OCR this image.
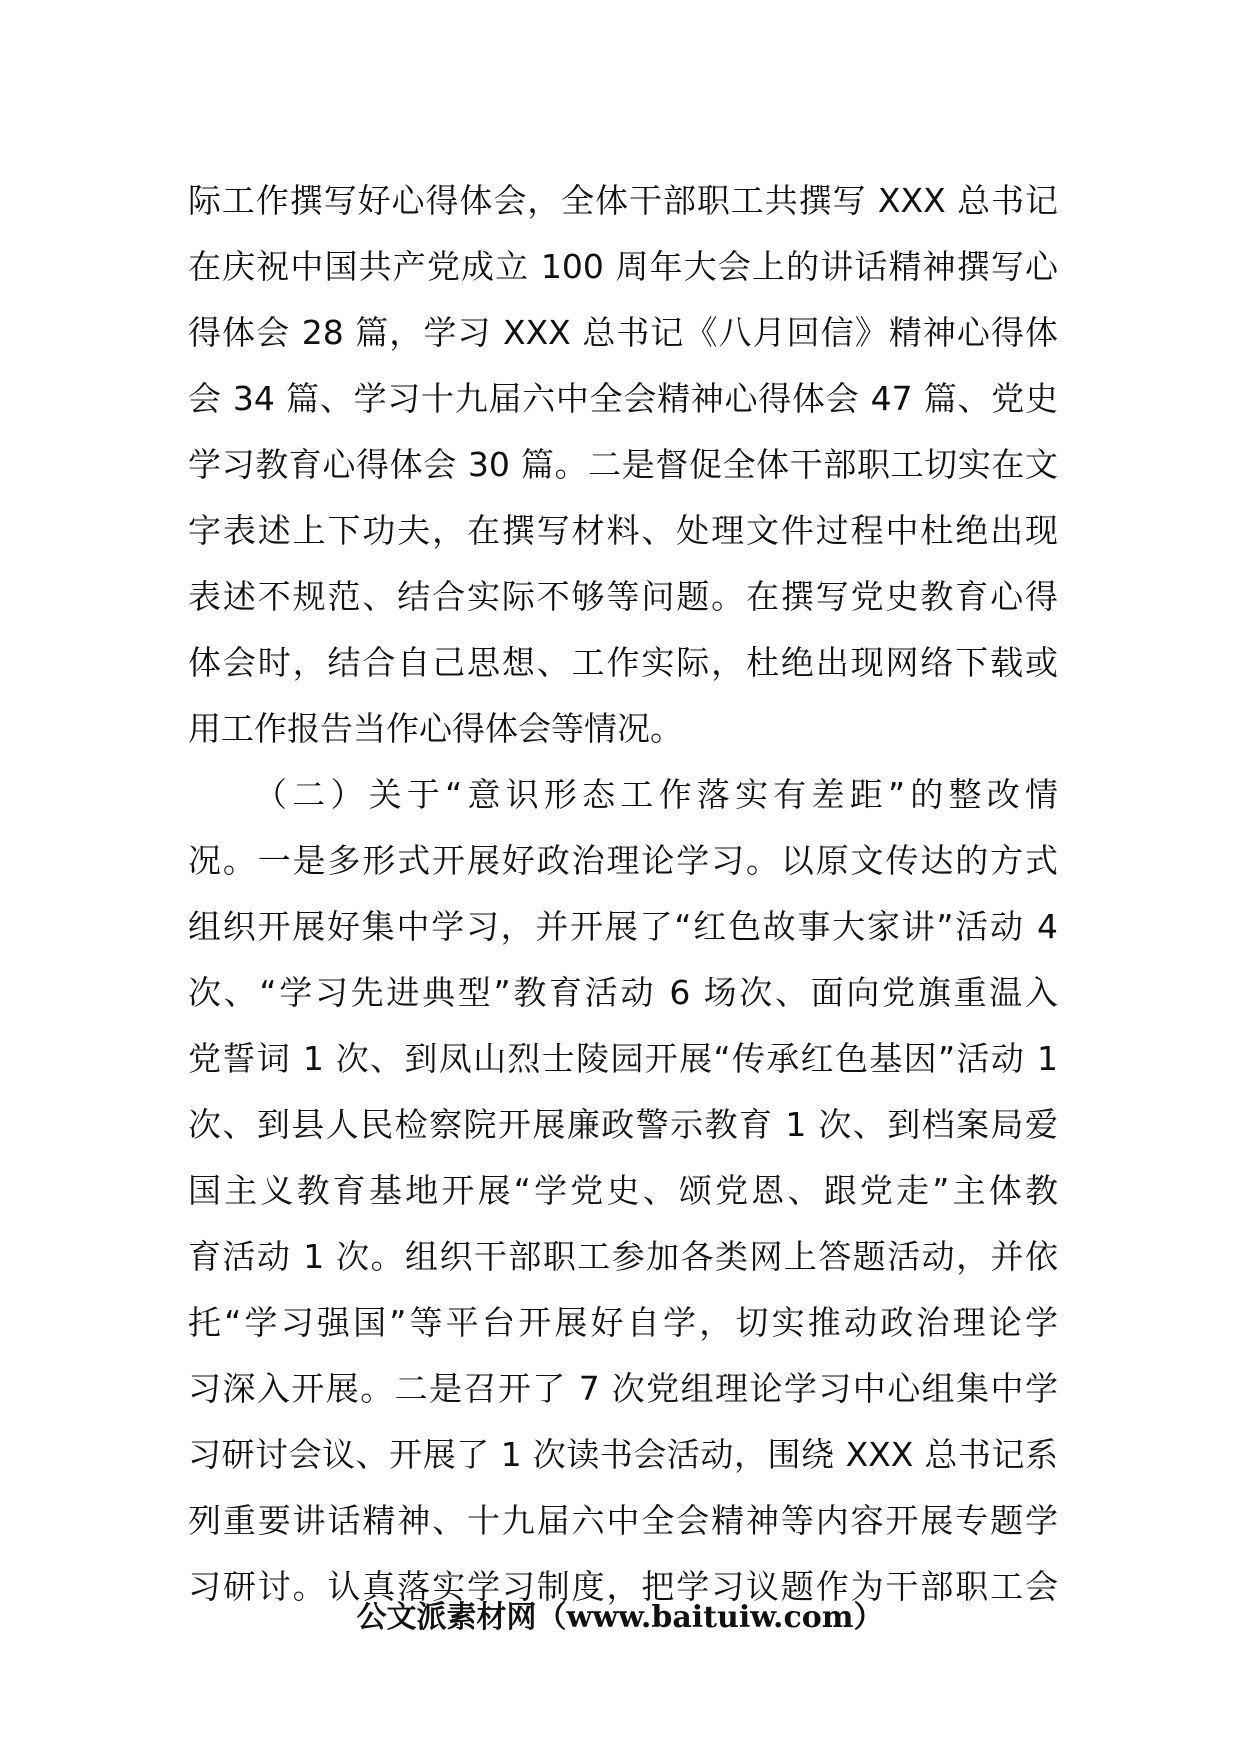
际工作撰写好心得体会，全体干部职工共撰写 XXX 总书记
在庆祝中国共产党成立 100 周年大会上的讲话精神撰写心
得体会 28 篇，学习 XXX 总书记《八月回信》精神心得体
会 34 篇、学习十九届六中全会精神心得体会 47 篇、党史
学习教育心得体会 30 篇。二是督促全体干部职工切实在文
字表述上下功夫，在撰写材料、处理文件过程中杜绝出现
表述不规范、结合实际不够等问题。在撰写党史教育心得
体会时，结合自己思想、工作实际，杜绝出现网络下载或
用工作报告当作心得体会等情况。
（二）关于“意识形态工作落实有差距”的整改情
况。一是多形式开展好政治理论学习。以原文传达的方式
组织开展好集中学习，并开展了“红色故事大家讲”活动 4
次、“学习先进典型”教育活动 6 场次、面向党旗重温入
党誓词 1 次、到凤山烈士陵园开展“传承红色基因”活动 1
次、到县人民检察院开展廉政警示教育 1 次、到档案局爱
国主义教育基地开展“学党史、颂党恩、跟党走”主体教
育活动 1 次。组织干部职工参加各类网上答题活动，并依
托“学习强国”等平台开展好自学，切实推动政治理论学
习深入开展。二是召开了 7 次党组理论学习中心组集中学
习研讨会议、开展了 1 次读书会活动，围绕 XXX 总书记系
列重要讲话精神、十九届六中全会精神等内容开展专题学
习研讨。认真落实学习制度，把学习议题作为干部职工会
公文派素材网（www.baituiw.com）
